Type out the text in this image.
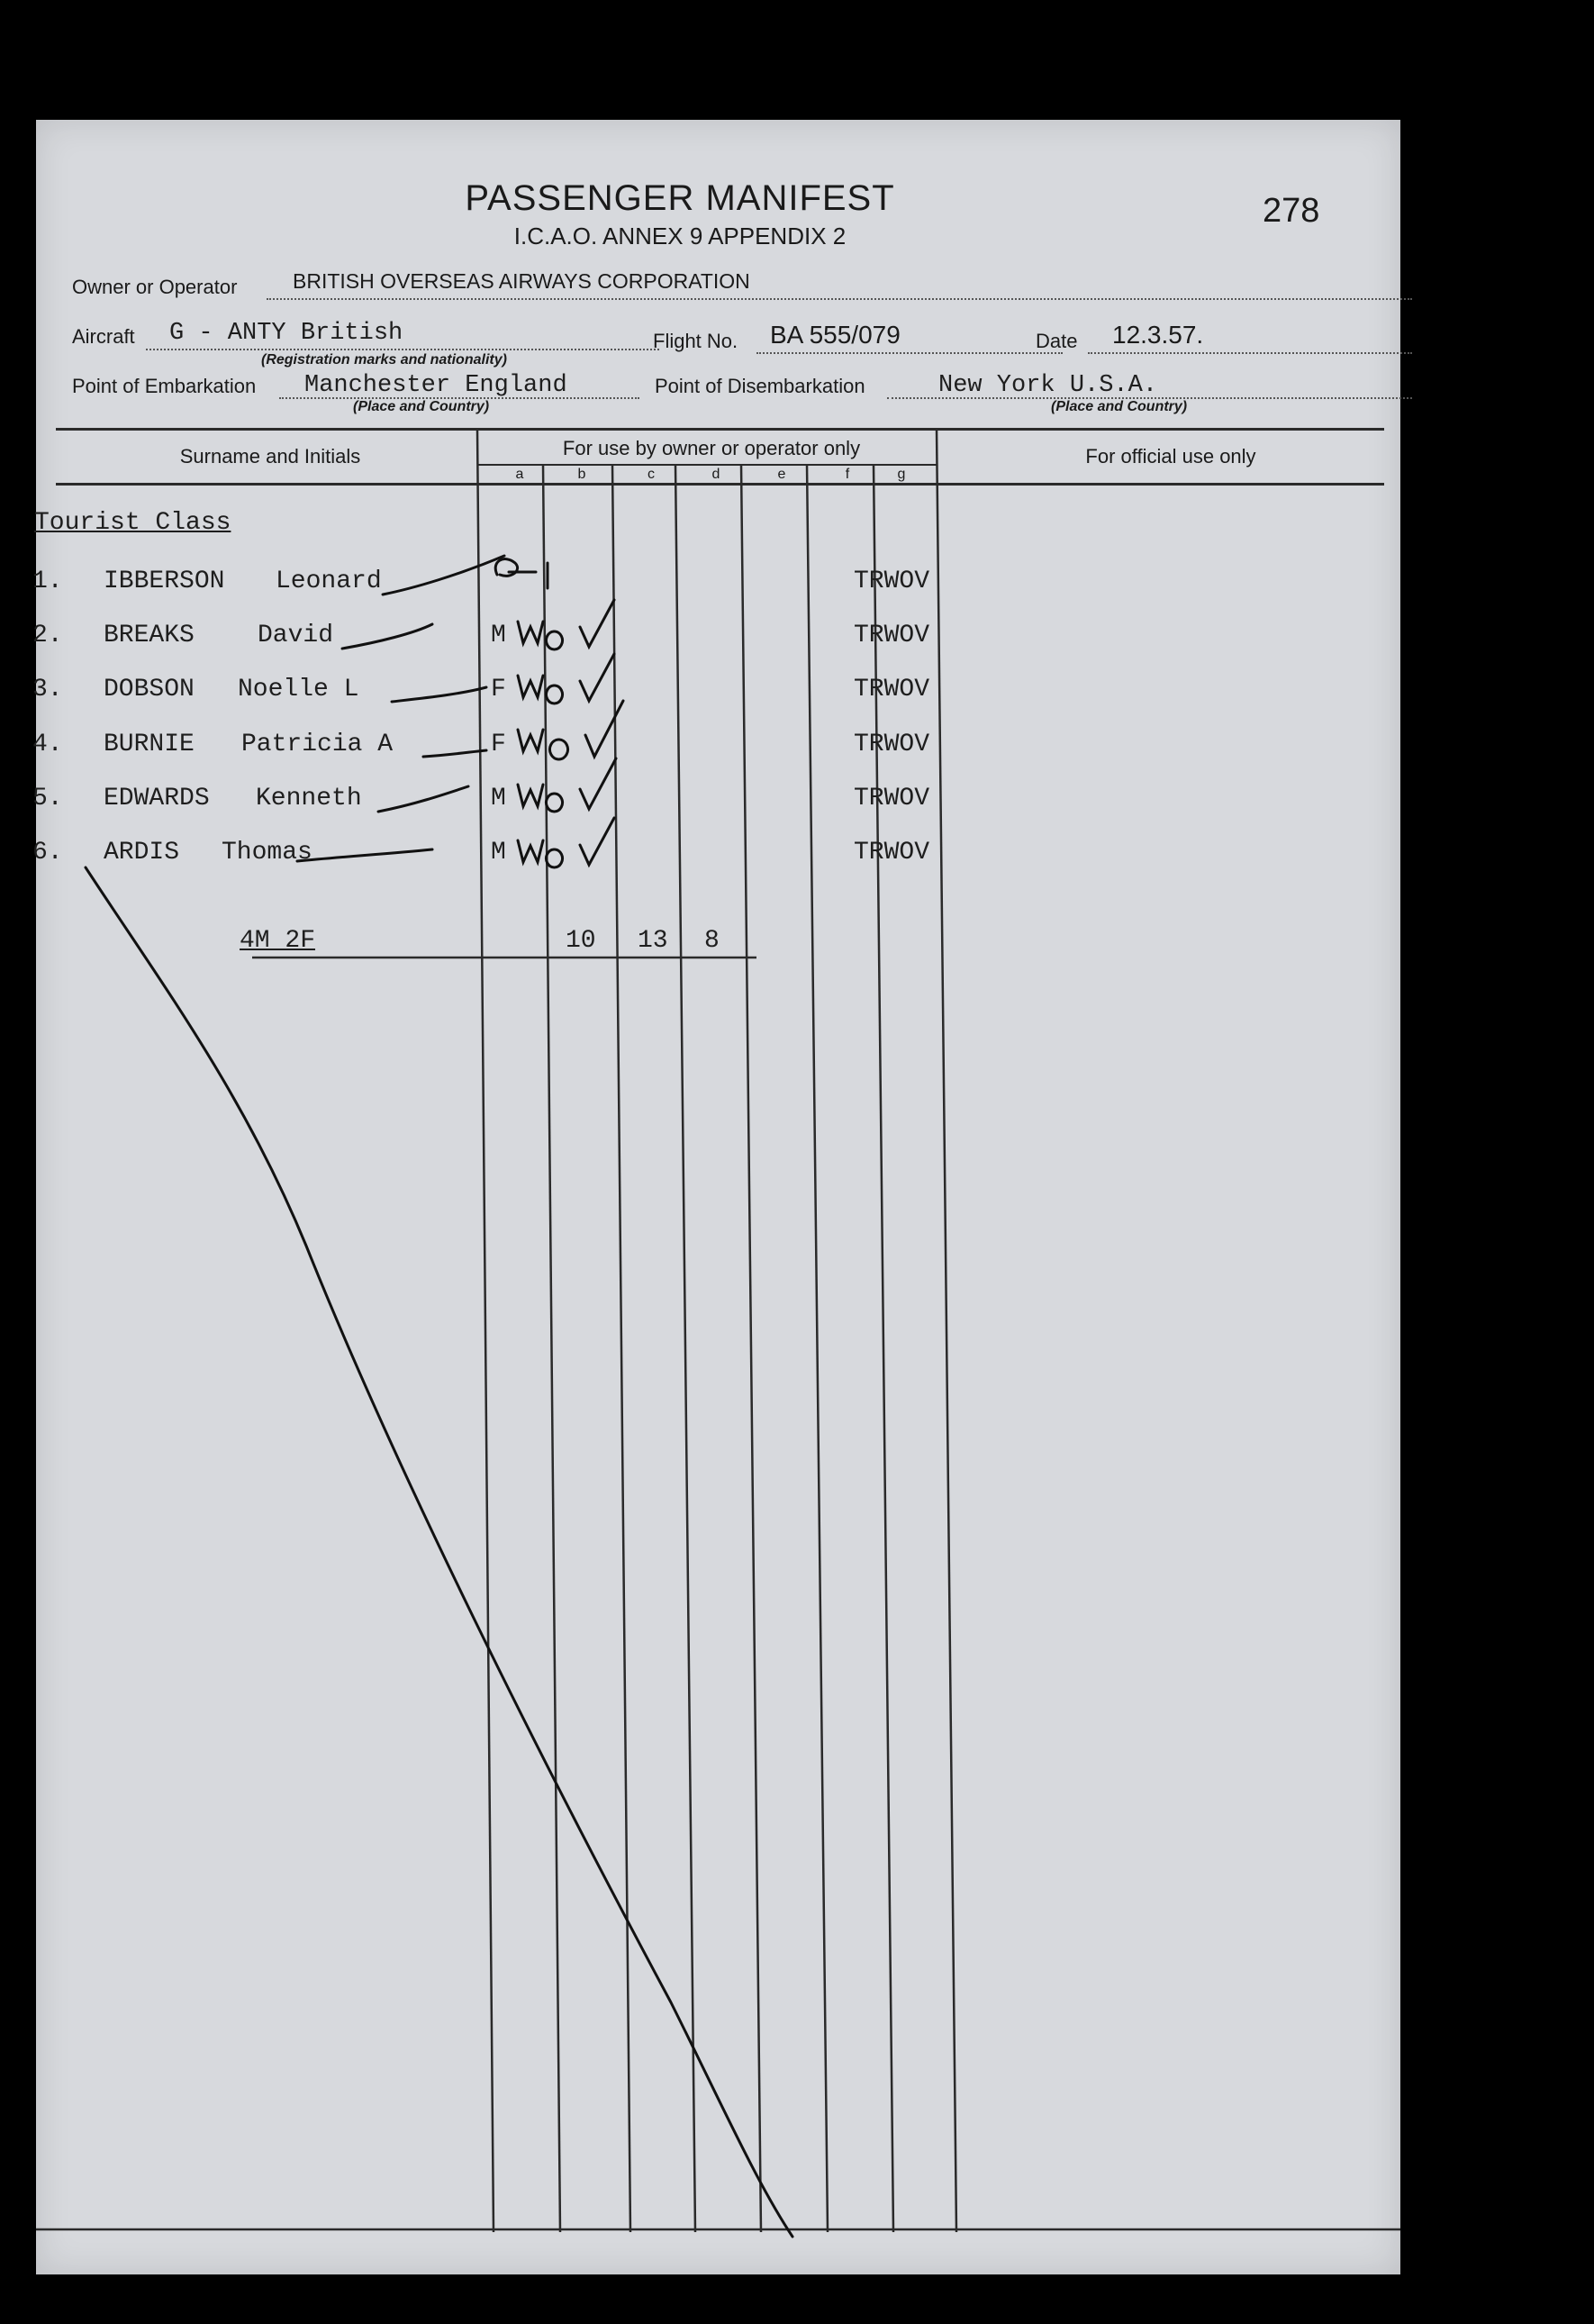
PASSENGER MANIFEST
I.C.A.O. ANNEX 9 APPENDIX 2
278
Owner or Operator	BRITISH OVERSEAS AIRWAYS CORPORATION
Aircraft G - ANTY British
(Registration marks and nationality)
Flight No. BA 555/079	Date 12.3.57.
Point of Embarkation Manchester England
(Place and Country)
Point of Disembarkation	New York U.S.A.
(Place and Country)
Surname and Initials	For use by owner or operator only	For official use only
a	b	c	d	e	f	g
Tourist Class
1. IBBERSON Leonard	TRWOV
2. BREAKS	David	M	TRWOV
3. DOBSON Noelle L	F	TRWOV
4. BURNIE Patricia A	F	TRWOV
5. EDWARDS Kenneth	M	TRWOV
6. ARDIS Thomas	M	TRWOV
4M 2F	10 13 8
